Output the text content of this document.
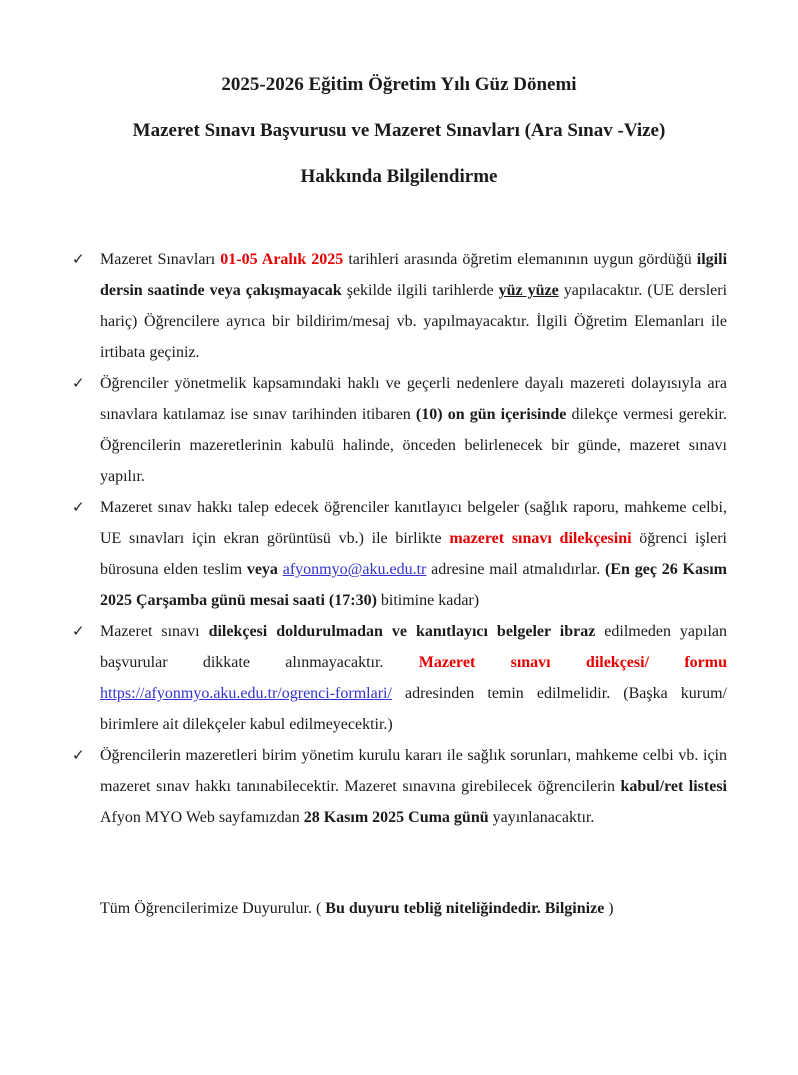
2025-2026 Eğitim Öğretim Yılı Güz Dönemi
Mazeret Sınavı Başvurusu ve Mazeret Sınavları (Ara Sınav -Vize)
Hakkında Bilgilendirme

✓ Mazeret Sınavları 01-05 Aralık 2025 tarihleri arasında öğretim elemanının uygun gördüğü ilgili dersin saatinde veya çakışmayacak şekilde ilgili tarihlerde yüz yüze yapılacaktır. (UE dersleri hariç) Öğrencilere ayrıca bir bildirim/mesaj vb. yapılmayacaktır. İlgili Öğretim Elemanları ile irtibata geçiniz.

✓ Öğrenciler yönetmelik kapsamındaki haklı ve geçerli nedenlere dayalı mazereti dolayısıyla ara sınavlara katılamaz ise sınav tarihinden itibaren (10) on gün içerisinde dilekçe vermesi gerekir. Öğrencilerin mazeretlerinin kabulü halinde, önceden belirlenecek bir günde, mazeret sınavı yapılır.

✓ Mazeret sınav hakkı talep edecek öğrenciler kanıtlayıcı belgeler (sağlık raporu, mahkeme celbi, UE sınavları için ekran görüntüsü vb.) ile birlikte mazeret sınavı dilekçesini öğrenci işleri bürosuna elden teslim veya afyonmyo@aku.edu.tr adresine mail atmalıdırlar. (En geç 26 Kasım 2025 Çarşamba günü mesai saati (17:30) bitimine kadar)

✓ Mazeret sınavı dilekçesi doldurulmadan ve kanıtlayıcı belgeler ibraz edilmeden yapılan başvurular dikkate alınmayacaktır. Mazeret sınavı dilekçesi/ formu https://afyonmyo.aku.edu.tr/ogrenci-formlari/ adresinden temin edilmelidir. (Başka kurum/ birimlere ait dilekçeler kabul edilmeyecektir.)

✓ Öğrencilerin mazeretleri birim yönetim kurulu kararı ile sağlık sorunları, mahkeme celbi vb. için mazeret sınav hakkı tanınabilecektir. Mazeret sınavına girebilecek öğrencilerin kabul/ret listesi Afyon MYO Web sayfamızdan 28 Kasım 2025 Cuma günü yayınlanacaktır.

Tüm Öğrencilerimize Duyurulur. ( Bu duyuru tebliğ niteliğindedir. Bilginize )
